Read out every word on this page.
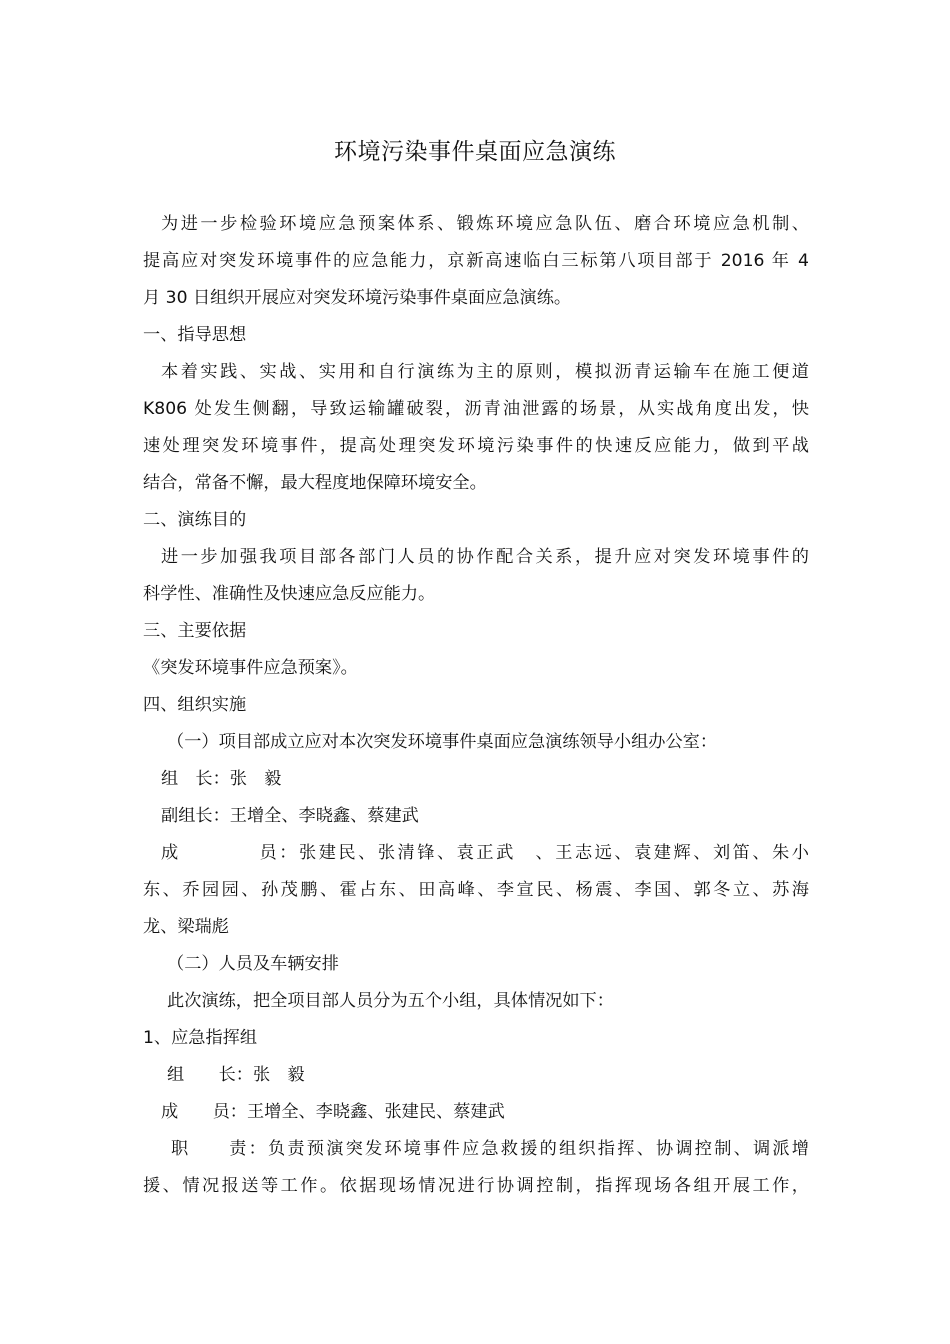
环境污染事件桌面应急演练
为进一步检验环境应急预案体系、锻炼环境应急队伍、磨合环境应急机制、
提高应对突发环境事件的应急能力，京新高速临白三标第八项目部于 2016 年 4
月 30 日组织开展应对突发环境污染事件桌面应急演练。
一、指导思想
本着实践、实战、实用和自行演练为主的原则，模拟沥青运输车在施工便道
K806 处发生侧翻，导致运输罐破裂，沥青油泄露的场景，从实战角度出发，快
速处理突发环境事件，提高处理突发环境污染事件的快速反应能力，做到平战
结合，常备不懈，最大程度地保障环境安全。
二、演练目的
进一步加强我项目部各部门人员的协作配合关系，提升应对突发环境事件的
科学性、准确性及快速应急反应能力。
三、主要依据
《突发环境事件应急预案》。
四、组织实施
（一）项目部成立应对本次突发环境事件桌面应急演练领导小组办公室：
组　长：张　毅
副组长：王增全、李晓鑫、蔡建武
成　　　　员：张建民、张清锋、袁正武　、王志远、袁建辉、刘笛、朱小
东、乔园园、孙茂鹏、霍占东、田高峰、李宣民、杨震、李国、郭冬立、苏海
龙、梁瑞彪
（二）人员及车辆安排
此次演练，把全项目部人员分为五个小组，具体情况如下：
1、应急指挥组
组　　长：张　毅
成　　员：王增全、李晓鑫、张建民、蔡建武
职　　责：负责预演突发环境事件应急救援的组织指挥、协调控制、调派增
援、情况报送等工作。依据现场情况进行协调控制，指挥现场各组开展工作，
